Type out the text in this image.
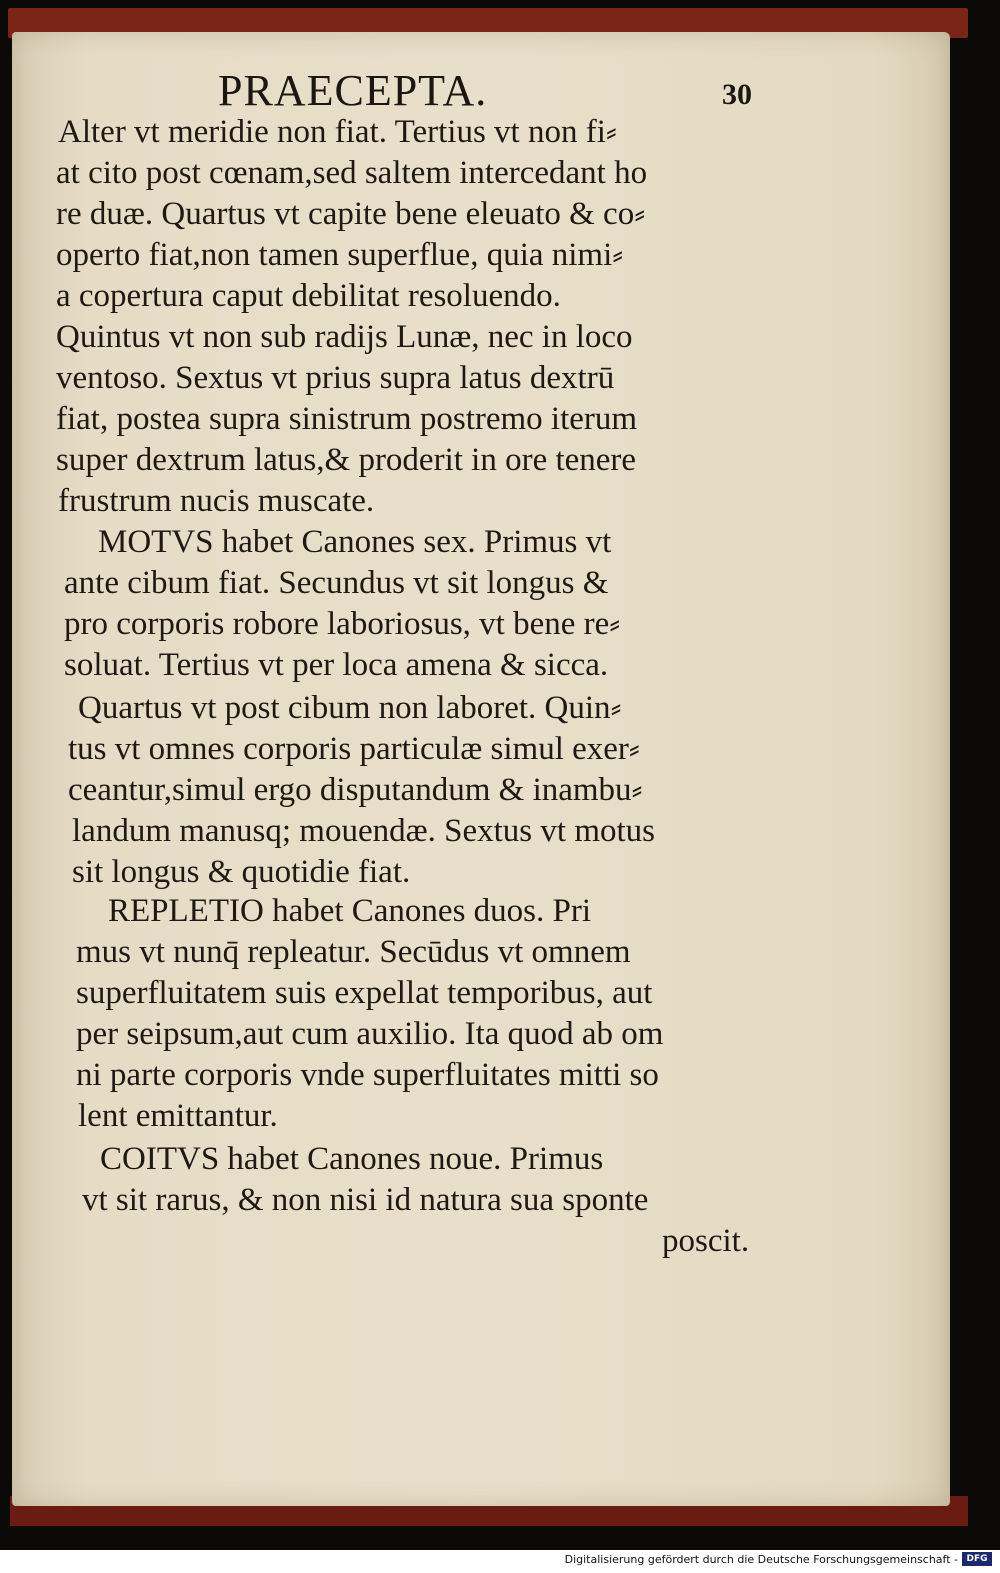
PRAECEPTA.	30
Alter vt meridie non fiat. Tertius vt non fi⸗
at cito post cœnam,sed saltem intercedant ho
re duæ. Quartus vt capite bene eleuato & co⸗
operto fiat,non tamen superflue, quia nimi⸗
a copertura caput debilitat resoluendo.
Quintus vt non sub radijs Lunæ, nec in loco
ventoso. Sextus vt prius supra latus dextrū
fiat, postea supra sinistrum postremo iterum
super dextrum latus,& proderit in ore tenere
frustrum nucis muscate.
MOTVS habet Canones sex. Primus vt
ante cibum fiat. Secundus vt sit longus &
pro corporis robore laboriosus, vt bene re⸗
soluat. Tertius vt per loca amena & sicca.
Quartus vt post cibum non laboret. Quin⸗
tus vt omnes corporis particulæ simul exer⸗
ceantur,simul ergo disputandum & inambu⸗
landum manusq; mouendæ. Sextus vt motus
sit longus & quotidie fiat.
REPLETIO habet Canones duos. Pri
mus vt nunq̄ repleatur. Secūdus vt omnem
superfluitatem suis expellat temporibus, aut
per seipsum,aut cum auxilio. Ita quod ab om
ni parte corporis vnde superfluitates mitti so
lent emittantur.
COITVS habet Canones noue. Primus
vt sit rarus, & non nisi id natura sua sponte
poscit.
Digitalisierung gefördert durch die Deutsche Forschungsgemeinschaft - DFG
